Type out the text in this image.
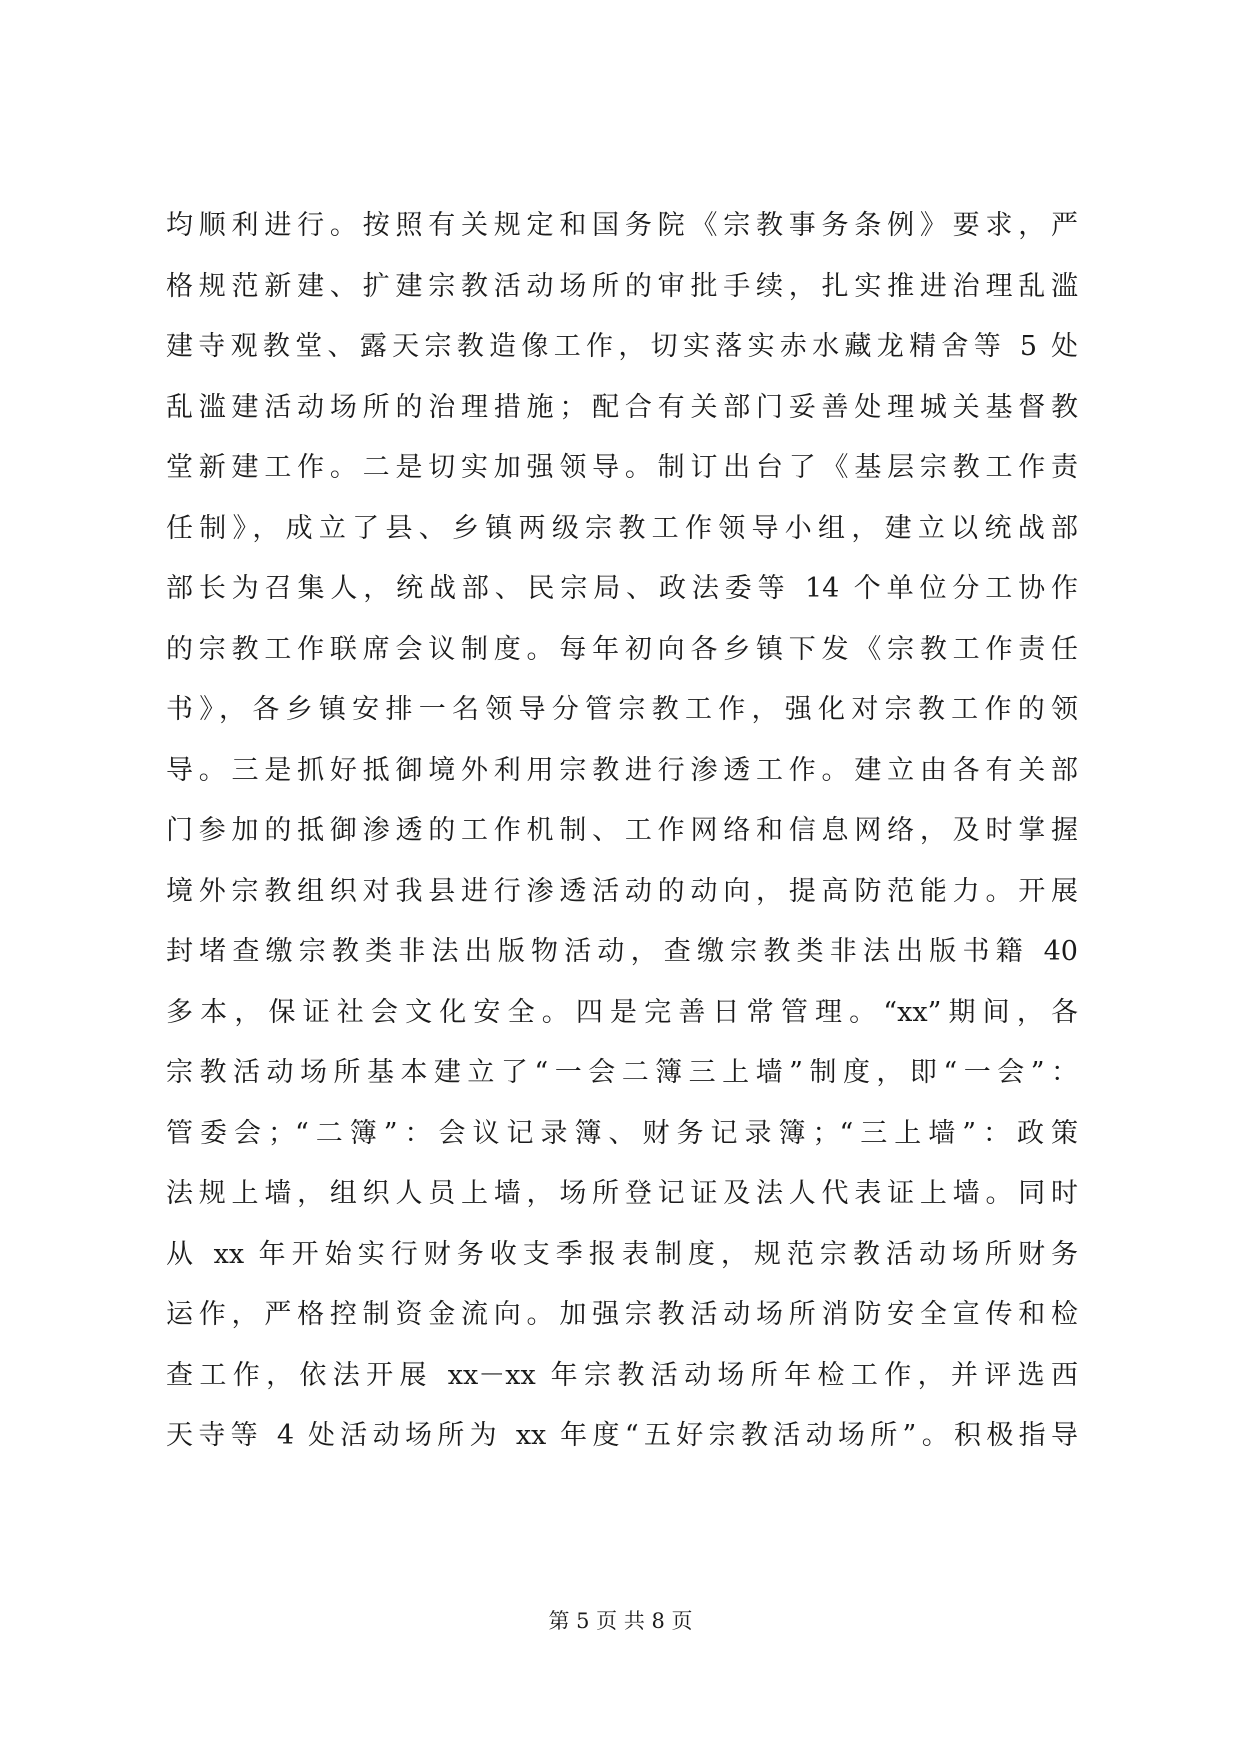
均顺利进行。按照有关规定和国务院《宗教事务条例》要求，严
格规范新建、扩建宗教活动场所的审批手续，扎实推进治理乱滥
建寺观教堂、露天宗教造像工作，切实落实赤水藏龙精舍等 5 处
乱滥建活动场所的治理措施；配合有关部门妥善处理城关基督教
堂新建工作。二是切实加强领导。制订出台了《基层宗教工作责
任制》，成立了县、乡镇两级宗教工作领导小组，建立以统战部
部长为召集人，统战部、民宗局、政法委等 14 个单位分工协作
的宗教工作联席会议制度。每年初向各乡镇下发《宗教工作责任
书》，各乡镇安排一名领导分管宗教工作，强化对宗教工作的领
导。三是抓好抵御境外利用宗教进行渗透工作。建立由各有关部
门参加的抵御渗透的工作机制、工作网络和信息网络，及时掌握
境外宗教组织对我县进行渗透活动的动向，提高防范能力。开展
封堵查缴宗教类非法出版物活动，查缴宗教类非法出版书籍 40
多本，保证社会文化安全。四是完善日常管理。“xx”期间，各
宗教活动场所基本建立了“一会二簿三上墙”制度，即“一会”：
管委会；“二簿”：会议记录簿、财务记录簿；“三上墙”：政策
法规上墙，组织人员上墙，场所登记证及法人代表证上墙。同时
从 xx 年开始实行财务收支季报表制度，规范宗教活动场所财务
运作，严格控制资金流向。加强宗教活动场所消防安全宣传和检
查工作，依法开展 xx－xx 年宗教活动场所年检工作，并评选西
天寺等 4 处活动场所为 xx 年度“五好宗教活动场所”。积极指导
第 5 页 共 8 页
